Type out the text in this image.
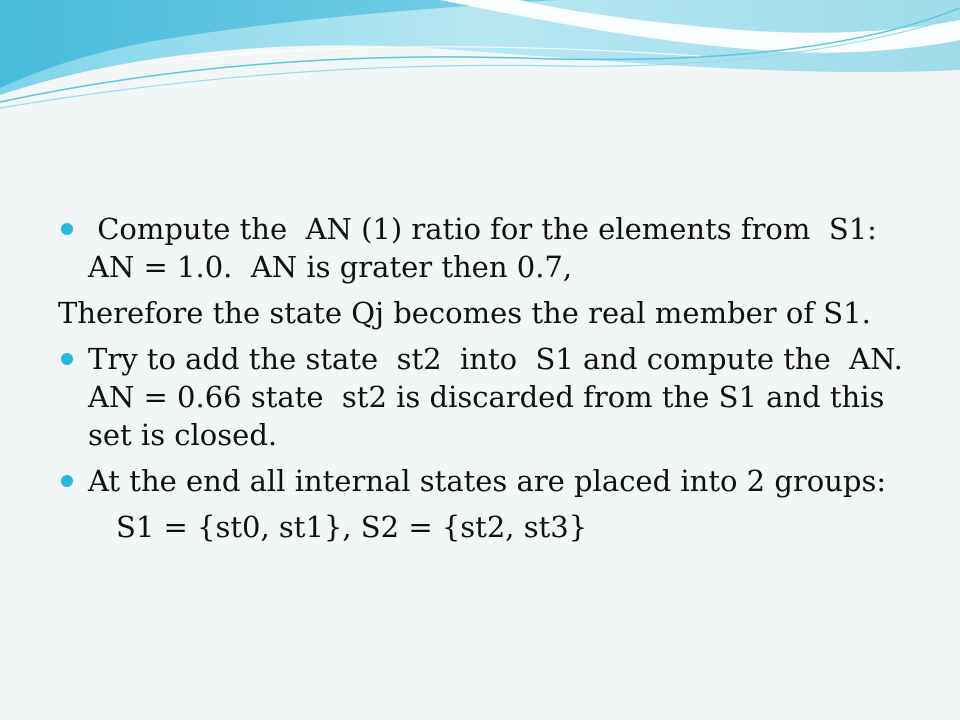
Compute the  AN (1) ratio for the elements from  S1:
AN = 1.0.  AN is grater then 0.7,
Therefore the state Qj becomes the real member of S1.
Try to add the state  st2  into  S1 and compute the  AN.
AN = 0.66 state  st2 is discarded from the S1 and this
set is closed.
At the end all internal states are placed into 2 groups:
S1 = {st0, st1}, S2 = {st2, st3}
